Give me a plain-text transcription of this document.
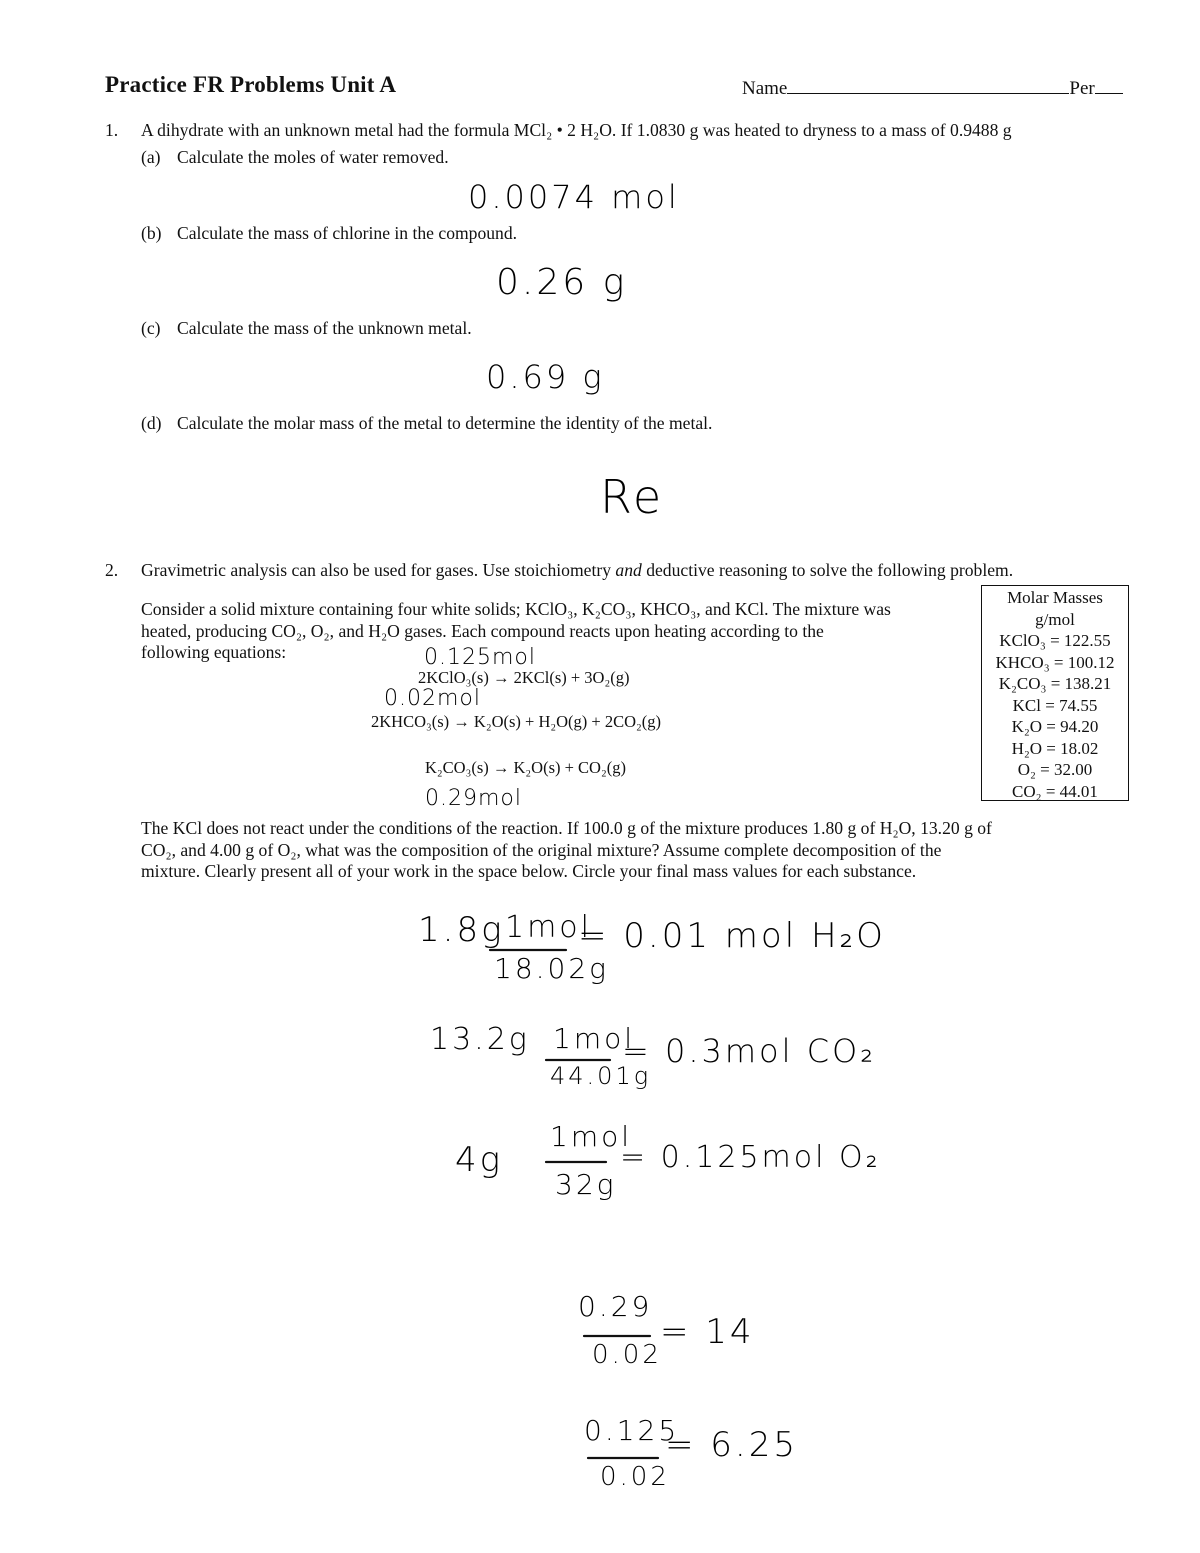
Practice FR Problems Unit A	Name	Per
1. A dihydrate with an unknown metal had the formula MCl₂ • 2 H₂O. If 1.0830 g was heated to dryness to a mass of 0.9488 g
(a) Calculate the moles of water removed.
0.0074 mol
(b) Calculate the mass of chlorine in the compound.
0.26 g
(c) Calculate the mass of the unknown metal.
0.69 g
(d) Calculate the molar mass of the metal to determine the identity of the metal.
Re
2. Gravimetric analysis can also be used for gases. Use stoichiometry and deductive reasoning to solve the following problem.
Consider a solid mixture containing four white solids; KClO₃, K₂CO₃, KHCO₃, and KCl. The mixture was
heated, producing CO₂, O₂, and H₂O gases. Each compound reacts upon heating according to the
following equations:	0.125mol
2KClO₃(s) → 2KCl(s) + 3O₂(g)
0.02mol
2KHCO₃(s) → K₂O(s) + H₂O(g) + 2CO₂(g)
K₂CO₃(s) → K₂O(s) + CO₂(g)
0.29mol
Molar Masses
g/mol
KClO₃ = 122.55
KHCO₃ = 100.12
K₂CO₃ = 138.21
KCl = 74.55
K₂O = 94.20
H₂O = 18.02
O₂ = 32.00
CO₂ = 44.01
The KCl does not react under the conditions of the reaction. If 100.0 g of the mixture produces 1.80 g of H₂O, 13.20 g of
CO₂, and 4.00 g of O₂, what was the composition of the original mixture? Assume complete decomposition of the
mixture. Clearly present all of your work in the space below. Circle your final mass values for each substance.
1.8g 1mol
18.02g
= 0.01 mol H₂O
13.2g 1mol
44.01g
= 0.3mol CO₂
4g
1mol
32g
= 0.125mol O₂
0.29
0.02
= 14
0.125
0.02
= 6.25
